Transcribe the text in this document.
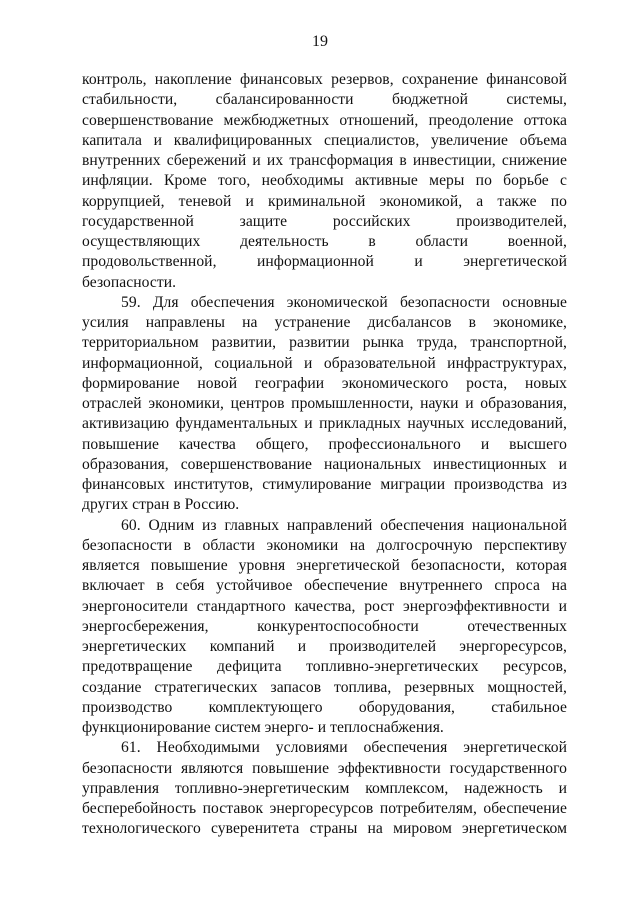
19
контроль, накопление финансовых резервов, сохранение финансовой
стабильности, сбалансированности бюджетной системы,
совершенствование межбюджетных отношений, преодоление оттока
капитала и квалифицированных специалистов, увеличение объема
внутренних сбережений и их трансформация в инвестиции, снижение
инфляции. Кроме того, необходимы активные меры по борьбе с
коррупцией, теневой и криминальной экономикой, а также по
государственной защите российских производителей,
осуществляющих деятельность в области военной,
продовольственной, информационной и энергетической
безопасности.
59. Для обеспечения экономической безопасности основные
усилия направлены на устранение дисбалансов в экономике,
территориальном развитии, развитии рынка труда, транспортной,
информационной, социальной и образовательной инфраструктурах,
формирование новой географии экономического роста, новых
отраслей экономики, центров промышленности, науки и образования,
активизацию фундаментальных и прикладных научных исследований,
повышение качества общего, профессионального и высшего
образования, совершенствование национальных инвестиционных и
финансовых институтов, стимулирование миграции производства из
других стран в Россию.
60. Одним из главных направлений обеспечения национальной
безопасности в области экономики на долгосрочную перспективу
является повышение уровня энергетической безопасности, которая
включает в себя устойчивое обеспечение внутреннего спроса на
энергоносители стандартного качества, рост энергоэффективности и
энергосбережения, конкурентоспособности отечественных
энергетических компаний и производителей энергоресурсов,
предотвращение дефицита топливно-энергетических ресурсов,
создание стратегических запасов топлива, резервных мощностей,
производство комплектующего оборудования, стабильное
функционирование систем энерго- и теплоснабжения.
61. Необходимыми условиями обеспечения энергетической
безопасности являются повышение эффективности государственного
управления топливно-энергетическим комплексом, надежность и
бесперебойность поставок энергоресурсов потребителям, обеспечение
технологического суверенитета страны на мировом энергетическом
